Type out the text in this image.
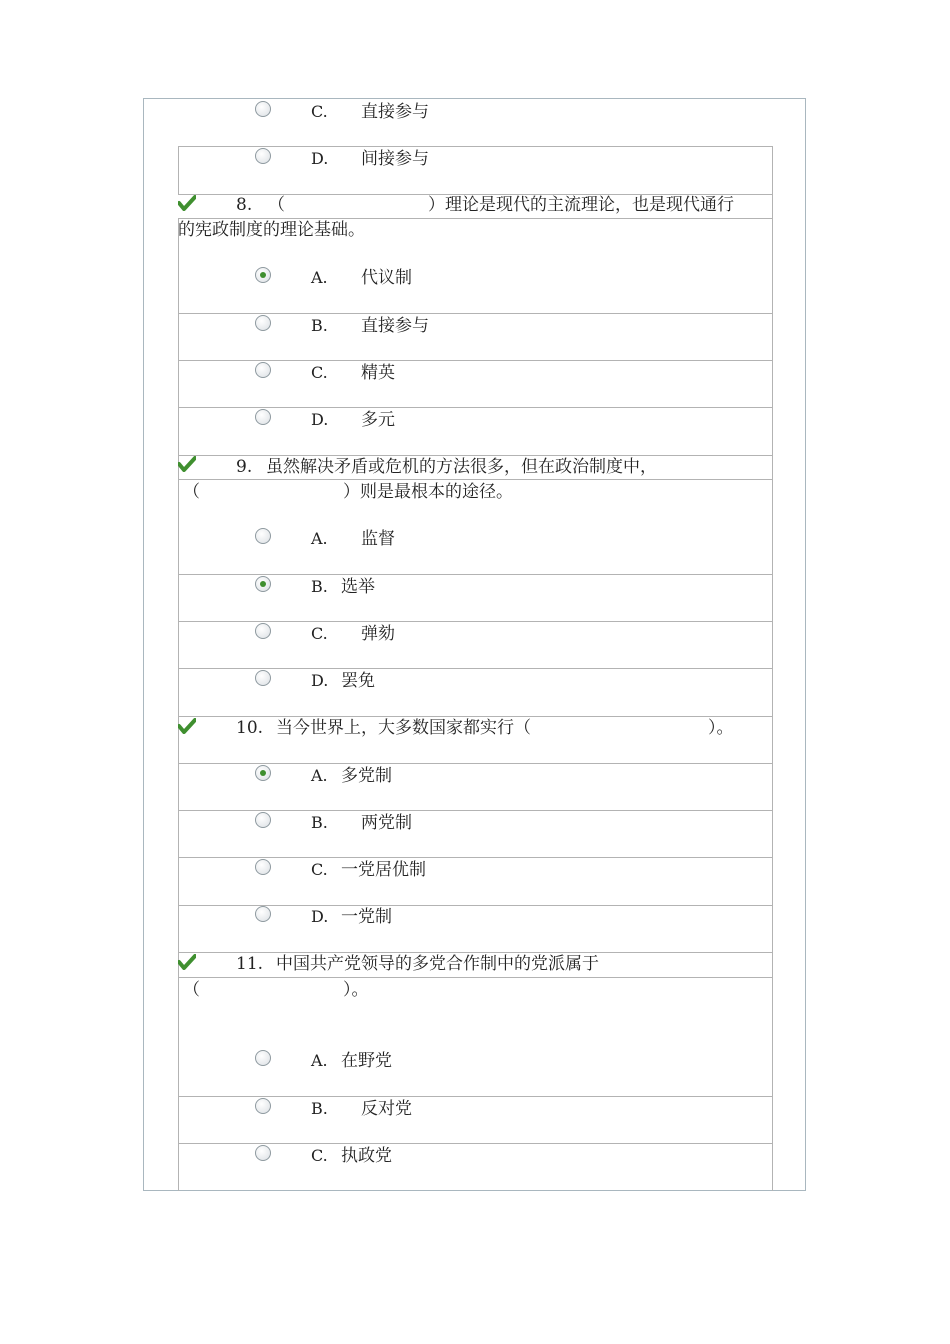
C. 直接参与
D. 间接参与
8. （	）理论是现代的主流理论，也是现代通行
的宪政制度的理论基础。
A. 代议制
B. 直接参与
C. 精英
D. 多元
9. 虽然解决矛盾或危机的方法很多，但在政治制度中，
（	）则是最根本的途径。
A. 监督
B. 选举
C. 弹劾
D. 罢免
10. 当今世界上，大多数国家都实行（	）。
A. 多党制
B. 两党制
C. 一党居优制
D. 一党制
11. 中国共产党领导的多党合作制中的党派属于
（	）。
A. 在野党
B. 反对党
C. 执政党
